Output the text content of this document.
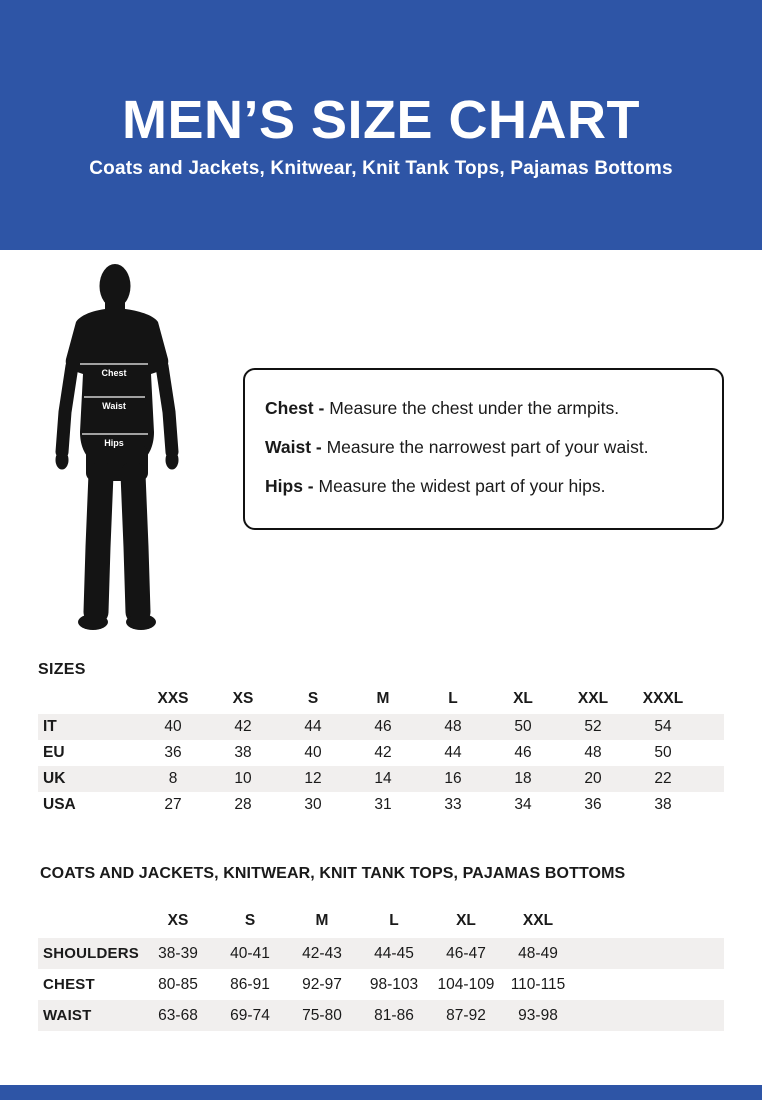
MEN’S SIZE CHART
Coats and Jackets, Knitwear, Knit Tank Tops, Pajamas Bottoms
Chest
Waist
Hips

Chest - Measure the chest under the armpits.

Waist - Measure the narrowest part of your waist.

Hips - Measure the widest part of your hips.

SIZES
	XXS	XS	S	M	L	XL	XXL	XXXL	
IT	40	42	44	46	48	50	52	54	
EU	36	38	40	42	44	46	48	50	
UK	8	10	12	14	16	18	20	22	
USA	27	28	30	31	33	34	36	38	
COATS AND JACKETS, KNITWEAR, KNIT TANK TOPS, PAJAMAS BOTTOMS
	XS	S	M	L	XL	XXL	
SHOULDERS	38-39	40-41	42-43	44-45	46-47	48-49	
CHEST	80-85	86-91	92-97	98-103	104-109	110-115	
WAIST	63-68	69-74	75-80	81-86	87-92	93-98	
